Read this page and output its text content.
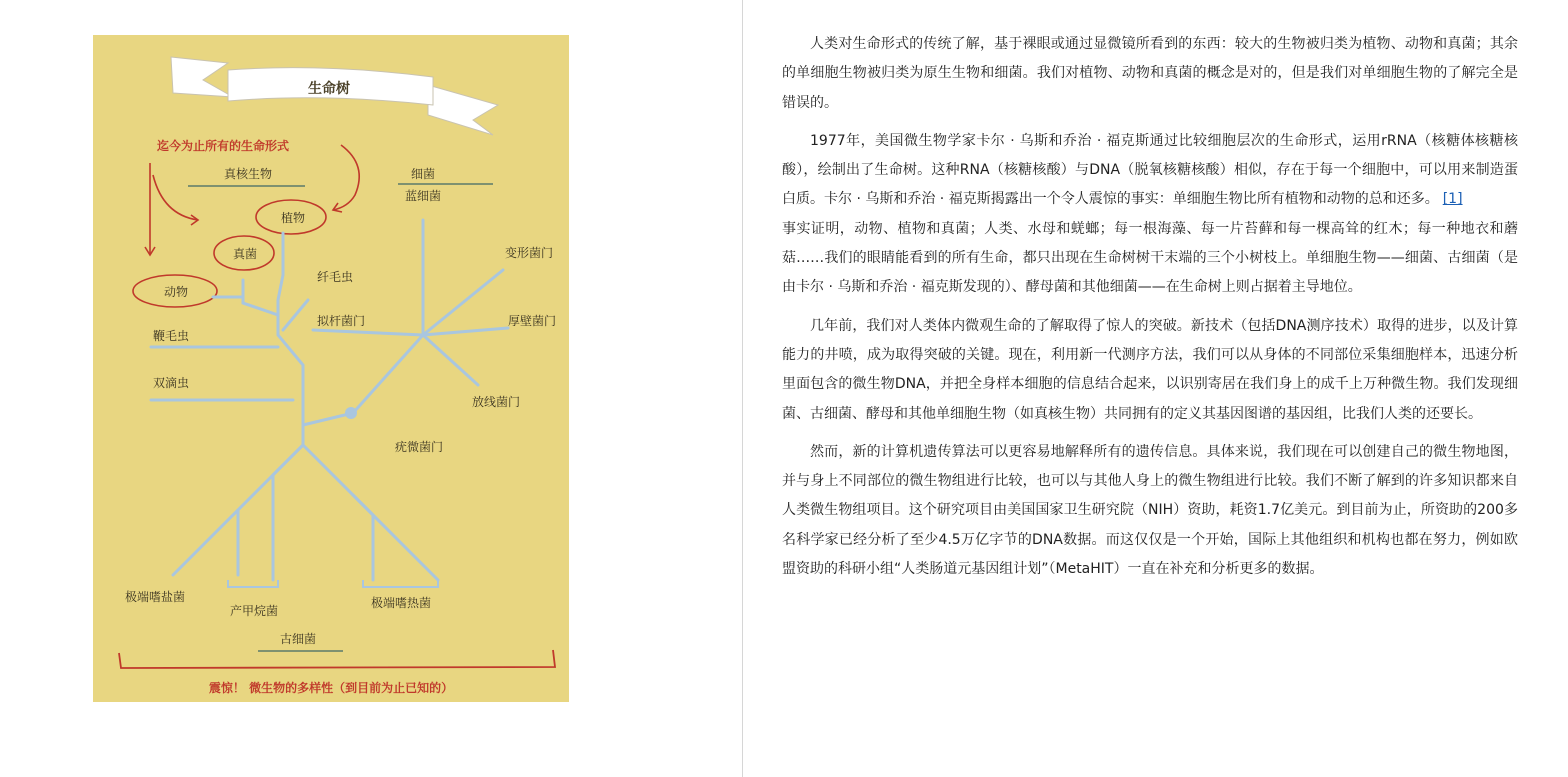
生命树
迄今为止所有的生命形式
真核生物	细菌
植物
真菌
动物
纤毛虫
拟杆菌门
鞭毛虫
双滴虫
蓝细菌
变形菌门
厚壁菌门
放线菌门
疣微菌门
极端嗜盐菌
产甲烷菌
极端嗜热菌
古细菌
震惊！ 微生物的多样性（到目前为止已知的）

人类对生命形式的传统了解，基于裸眼或通过显微镜所看到的东西：较大的生物被归类为植物、动物和真菌；其余的单细胞生物被归类为原生生物和细菌。我们对植物、动物和真菌的概念是对的，但是我们对单细胞生物的了解完全是错误的。

1977年，美国微生物学家卡尔 · 乌斯和乔治 · 福克斯通过比较细胞层次的生命形式，运用rRNA（核糖体核糖核酸），绘制出了生命树。这种RNA（核糖核酸）与DNA（脱氧核糖核酸）相似，存在于每一个细胞中，可以用来制造蛋白质。卡尔 · 乌斯和乔治 · 福克斯揭露出一个令人震惊的事实：单细胞生物比所有植物和动物的总和还多。 [1]

事实证明，动物、植物和真菌；人类、水母和蜣螂；每一根海藻、每一片苔藓和每一棵高耸的红木；每一种地衣和蘑菇……我们的眼睛能看到的所有生命，都只出现在生命树树干末端的三个小树枝上。单细胞生物——细菌、古细菌（是由卡尔 · 乌斯和乔治 · 福克斯发现的）、酵母菌和其他细菌——在生命树上则占据着主导地位。

几年前，我们对人类体内微观生命的了解取得了惊人的突破。新技术（包括DNA测序技术）取得的进步，以及计算能力的井喷，成为取得突破的关键。现在，利用新一代测序方法，我们可以从身体的不同部位采集细胞样本，迅速分析里面包含的微生物DNA，并把全身样本细胞的信息结合起来，以识别寄居在我们身上的成千上万种微生物。我们发现细菌、古细菌、酵母和其他单细胞生物（如真核生物）共同拥有的定义其基因图谱的基因组，比我们人类的还要长。

然而，新的计算机遗传算法可以更容易地解释所有的遗传信息。具体来说，我们现在可以创建自己的微生物地图，并与身上不同部位的微生物组进行比较，也可以与其他人身上的微生物组进行比较。我们不断了解到的许多知识都来自人类微生物组项目。这个研究项目由美国国家卫生研究院（NIH）资助，耗资1.7亿美元。到目前为止，所资助的200多名科学家已经分析了至少4.5万亿字节的DNA数据。而这仅仅是一个开始，国际上其他组织和机构也都在努力，例如欧盟资助的科研小组“人类肠道元基因组计划”（MetaHIT）一直在补充和分析更多的数据。
